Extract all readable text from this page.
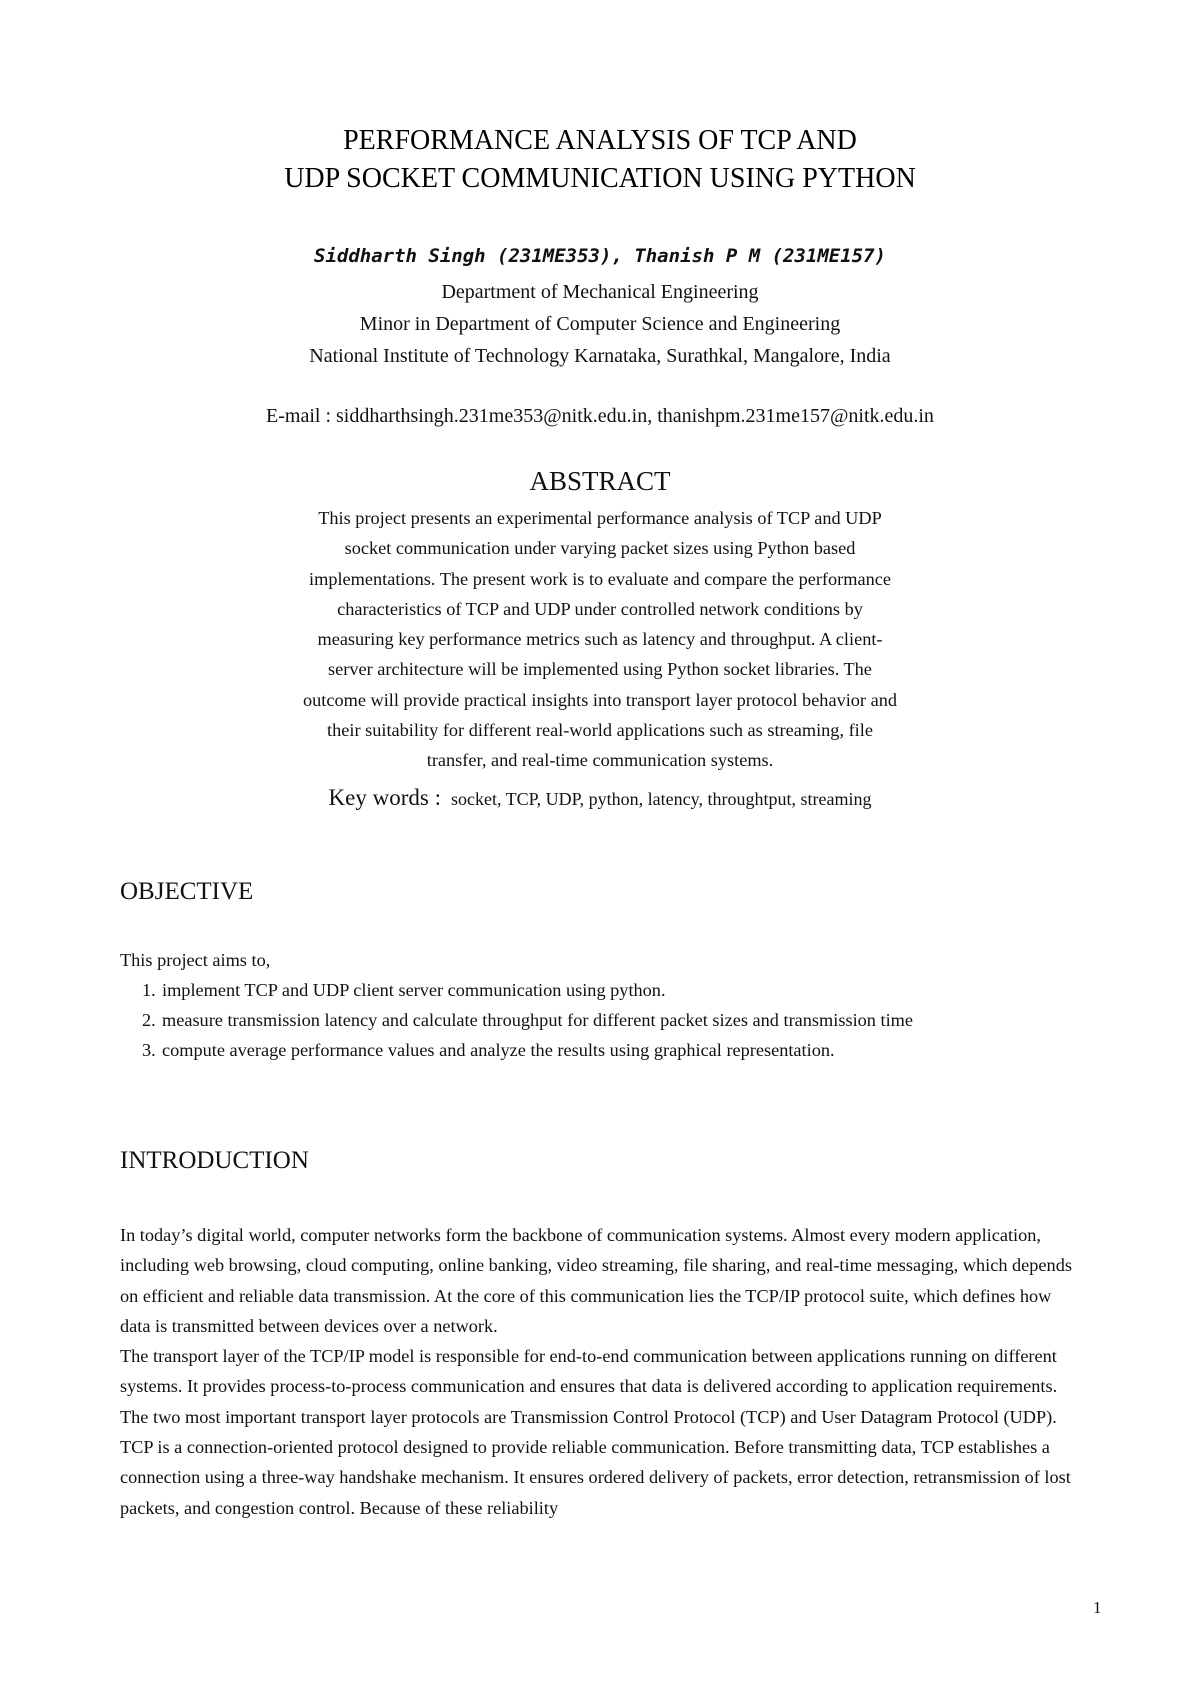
PERFORMANCE ANALYSIS OF TCP AND
UDP SOCKET COMMUNICATION USING PYTHON
Siddharth Singh (231ME353), Thanish P M (231ME157)
Department of Mechanical Engineering
Minor in Department of Computer Science and Engineering
National Institute of Technology Karnataka, Surathkal, Mangalore, India
E-mail : siddharthsingh.231me353@nitk.edu.in, thanishpm.231me157@nitk.edu.in
ABSTRACT
This project presents an experimental performance analysis of TCP and UDP
socket communication under varying packet sizes using Python based
implementations. The present work is to evaluate and compare the performance
characteristics of TCP and UDP under controlled network conditions by
measuring key performance metrics such as latency and throughput. A client-
server architecture will be implemented using Python socket libraries. The
outcome will provide practical insights into transport layer protocol behavior and
their suitability for different real-world applications such as streaming, file
transfer, and real-time communication systems.
Key words : socket, TCP, UDP, python, latency, throughtput, streaming
OBJECTIVE
This project aims to,
1. implement TCP and UDP client server communication using python.
2. measure transmission latency and calculate throughput for different packet sizes and transmission time
3. compute average performance values and analyze the results using graphical representation.
INTRODUCTION

In today’s digital world, computer networks form the backbone of communication systems. Almost every modern application, including web browsing, cloud computing, online banking, video streaming, file sharing, and real-time messaging, which depends on efficient and reliable data transmission. At the core of this communication lies the TCP/IP protocol suite, which defines how data is transmitted between devices over a network.

The transport layer of the TCP/IP model is responsible for end-to-end communication between applications running on different systems. It provides process-to-process communication and ensures that data is delivered according to application requirements. The two most important transport layer protocols are Transmission Control Protocol (TCP) and User Datagram Protocol (UDP).

TCP is a connection-oriented protocol designed to provide reliable communication. Before transmitting data, TCP establishes a connection using a three-way handshake mechanism. It ensures ordered delivery of packets, error detection, retransmission of lost packets, and congestion control. Because of these reliability

1
